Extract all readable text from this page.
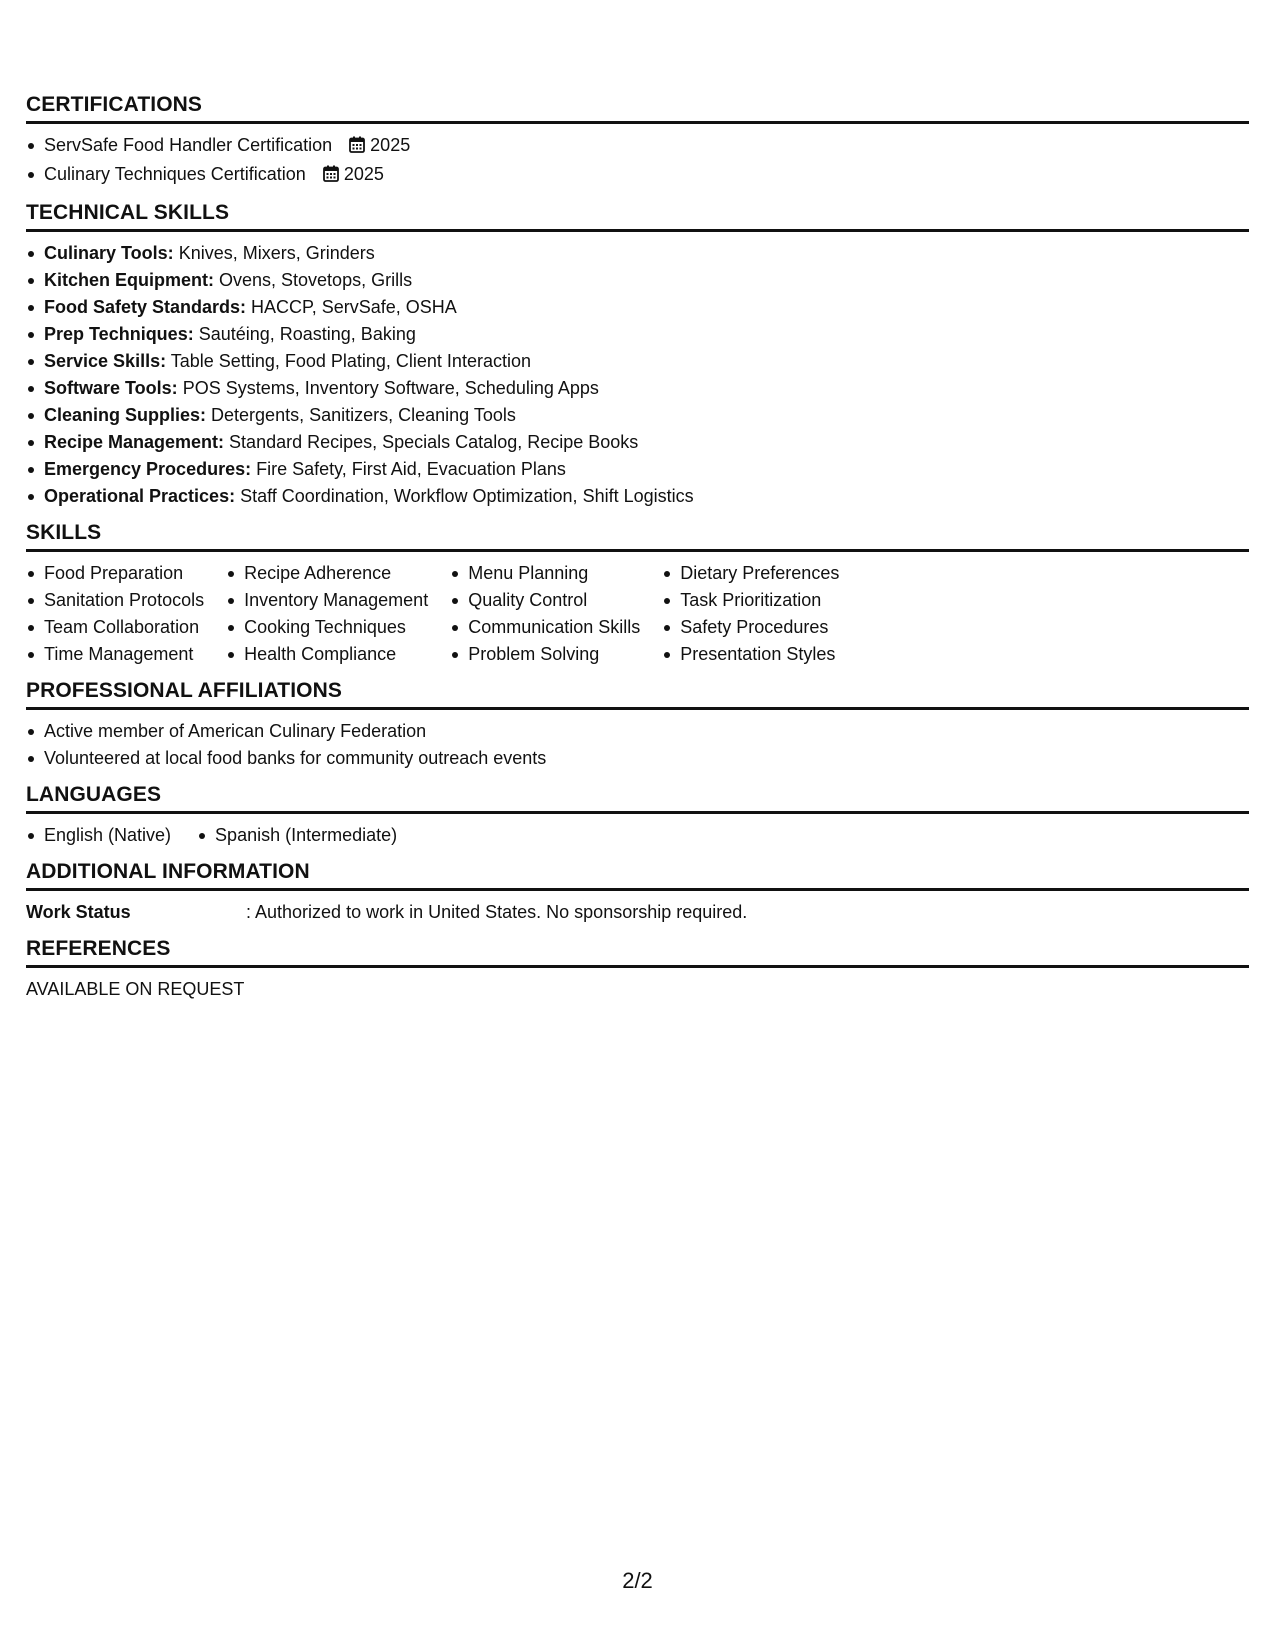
CERTIFICATIONS
ServSafe Food Handler Certification 2025
Culinary Techniques Certification 2025
TECHNICAL SKILLS
Culinary Tools: Knives, Mixers, Grinders
Kitchen Equipment: Ovens, Stovetops, Grills
Food Safety Standards: HACCP, ServSafe, OSHA
Prep Techniques: Sautéing, Roasting, Baking
Service Skills: Table Setting, Food Plating, Client Interaction
Software Tools: POS Systems, Inventory Software, Scheduling Apps
Cleaning Supplies: Detergents, Sanitizers, Cleaning Tools
Recipe Management: Standard Recipes, Specials Catalog, Recipe Books
Emergency Procedures: Fire Safety, First Aid, Evacuation Plans
Operational Practices: Staff Coordination, Workflow Optimization, Shift Logistics
SKILLS
Food Preparation
Sanitation Protocols
Team Collaboration
Time Management
Recipe Adherence
Inventory Management
Cooking Techniques
Health Compliance
Menu Planning
Quality Control
Communication Skills
Problem Solving
Dietary Preferences
Task Prioritization
Safety Procedures
Presentation Styles
PROFESSIONAL AFFILIATIONS
Active member of American Culinary Federation
Volunteered at local food banks for community outreach events
LANGUAGES
English (Native)	Spanish (Intermediate)
ADDITIONAL INFORMATION
Work Status	: Authorized to work in United States. No sponsorship required.
REFERENCES
AVAILABLE ON REQUEST
2/2
